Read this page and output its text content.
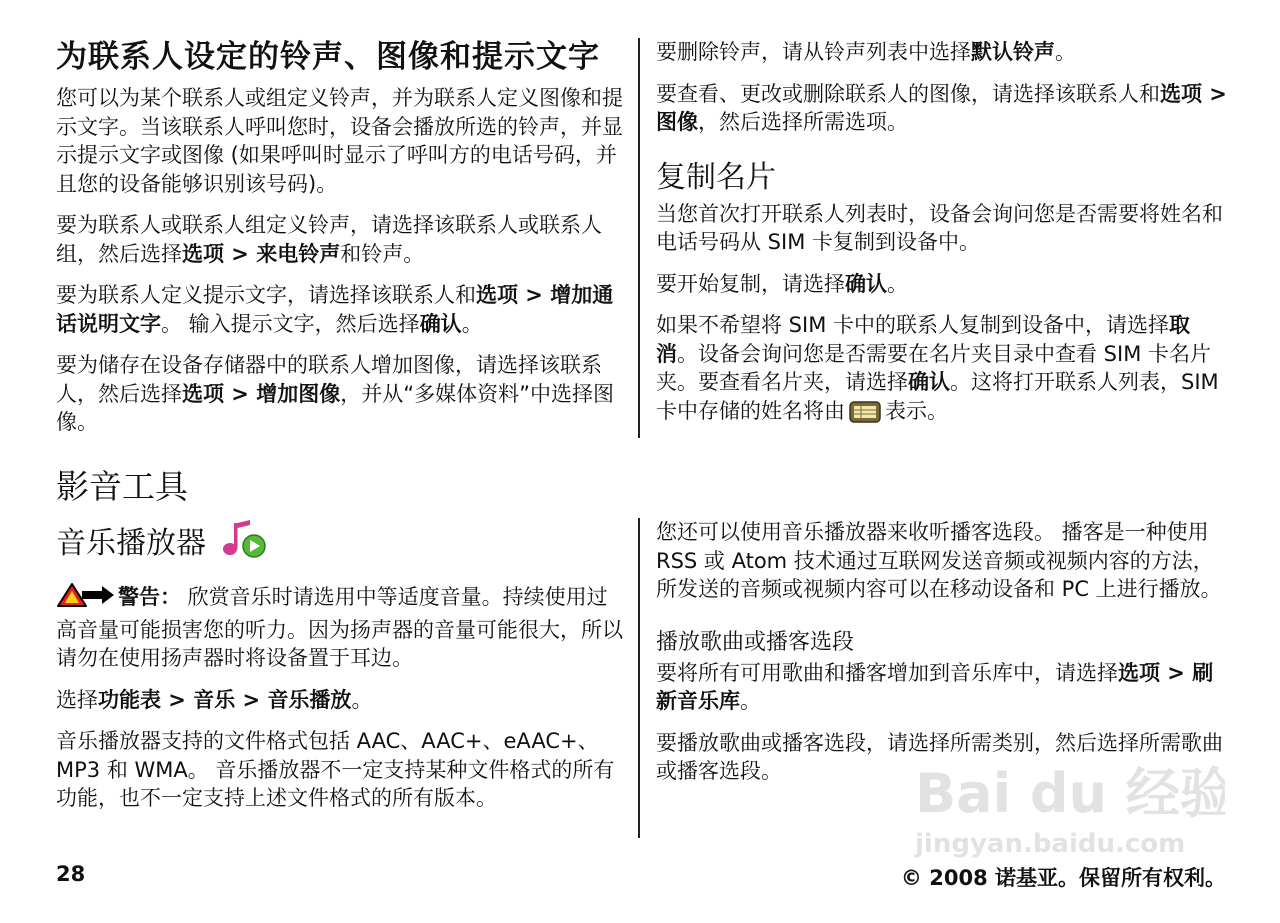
为联系人设定的铃声、图像和提示文字

您可以为某个联系人或组定义铃声，并为联系人定义图像和提示文字。当该联系人呼叫您时，设备会播放所选的铃声，并显示提示文字或图像 (如果呼叫时显示了呼叫方的电话号码，并且您的设备能够识别该号码)。

要为联系人或联系人组定义铃声，请选择该联系人或联系人组，然后选择选项 > 来电铃声和铃声。

要为联系人定义提示文字，请选择该联系人和选项 > 增加通话说明文字。 输入提示文字，然后选择确认。

要为储存在设备存储器中的联系人增加图像，请选择该联系人，然后选择选项 > 增加图像，并从“多媒体资料”中选择图像。

要删除铃声，请从铃声列表中选择默认铃声。

要查看、更改或删除联系人的图像，请选择该联系人和选项 > 图像，然后选择所需选项。

复制名片

当您首次打开联系人列表时，设备会询问您是否需要将姓名和电话号码从 SIM 卡复制到设备中。

要开始复制，请选择确认。

如果不希望将 SIM 卡中的联系人复制到设备中，请选择取消。设备会询问您是否需要在名片夹目录中查看 SIM 卡名片夹。要查看名片夹，请选择确认。这将打开联系人列表，SIM 卡中存储的姓名将由 表示。

影音工具
音乐播放器

警告： 欣赏音乐时请选用中等适度音量。持续使用过高音量可能损害您的听力。因为扬声器的音量可能很大，所以请勿在使用扬声器时将设备置于耳边。

选择功能表 > 音乐 > 音乐播放。

音乐播放器支持的文件格式包括 AAC、AAC+、eAAC+、MP3 和 WMA。 音乐播放器不一定支持某种文件格式的所有功能，也不一定支持上述文件格式的所有版本。

您还可以使用音乐播放器来收听播客选段。 播客是一种使用 RSS 或 Atom 技术通过互联网发送音频或视频内容的方法，所发送的音频或视频内容可以在移动设备和 PC 上进行播放。

播放歌曲或播客选段

要将所有可用歌曲和播客增加到音乐库中，请选择选项 > 刷新音乐库。

要播放歌曲或播客选段，请选择所需类别，然后选择所需歌曲或播客选段。	Bai du 经验
jingyan.baidu.com
28	© 2008 诺基亚。保留所有权利。
